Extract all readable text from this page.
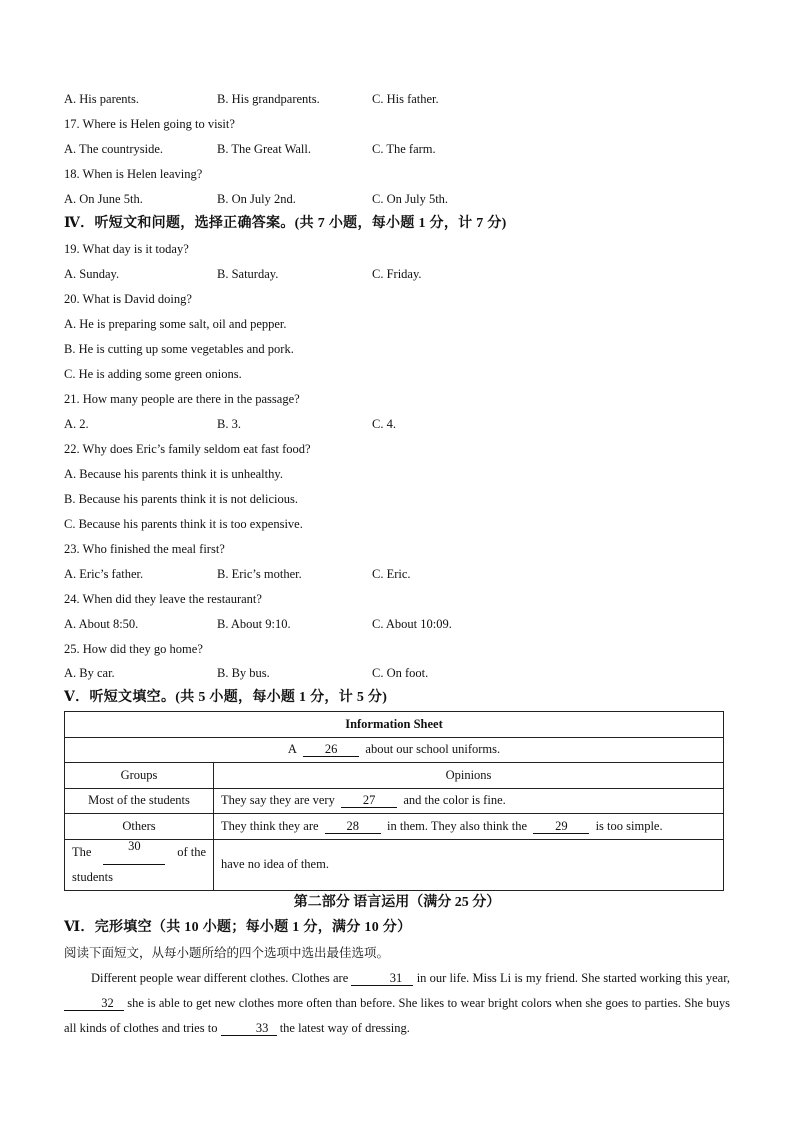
A. His parents.	B. His grandparents.	C. His father.
17. Where is Helen going to visit?
A. The countryside.	B. The Great Wall.	C. The farm.
18. When is Helen leaving?
A. On June 5th.	B. On July 2nd.	C. On July 5th.
Ⅳ．听短文和问题，选择正确答案。(共 7 小题，每小题 1 分，计 7 分)
19. What day is it today?
A. Sunday.	B. Saturday.	C. Friday.
20. What is David doing?
A. He is preparing some salt, oil and pepper.
B. He is cutting up some vegetables and pork.
C. He is adding some green onions.
21. How many people are there in the passage?
A. 2.	B. 3.	C. 4.
22. Why does Eric’s family seldom eat fast food?
A. Because his parents think it is unhealthy.
B. Because his parents think it is not delicious.
C. Because his parents think it is too expensive.
23. Who finished the meal first?
A. Eric’s father.	B. Eric’s mother.	C. Eric.
24. When did they leave the restaurant?
A. About 8:50.	B. About 9:10.	C. About 10:09.
25. How did they go home?
A. By car.	B. By bus.	C. On foot.
Ⅴ．听短文填空。(共 5 小题，每小题 1 分，计 5 分)
Information Sheet	
A 26 about our school uniforms.	
Groups	Opinions
Most of the students	They say they are very 27 and the color is fine.
Others	They think they are 28 in them. They also think the 29 is too simple.

The 30 of the
students	have no idea of them.
第二部分 语言运用（满分 25 分）
Ⅵ．完形填空（共 10 小题；每小题 1 分，满分 10 分）
阅读下面短文，从每小题所给的四个选项中选出最佳选项。
Different people wear different clothes. Clothes are	31 in our life. Miss Li is my friend. She started working this year, 32 she is able to get new clothes more often than before. She likes to wear bright colors when she goes to parties. She buys all kinds of clothes and tries to	33 the latest way of dressing.
